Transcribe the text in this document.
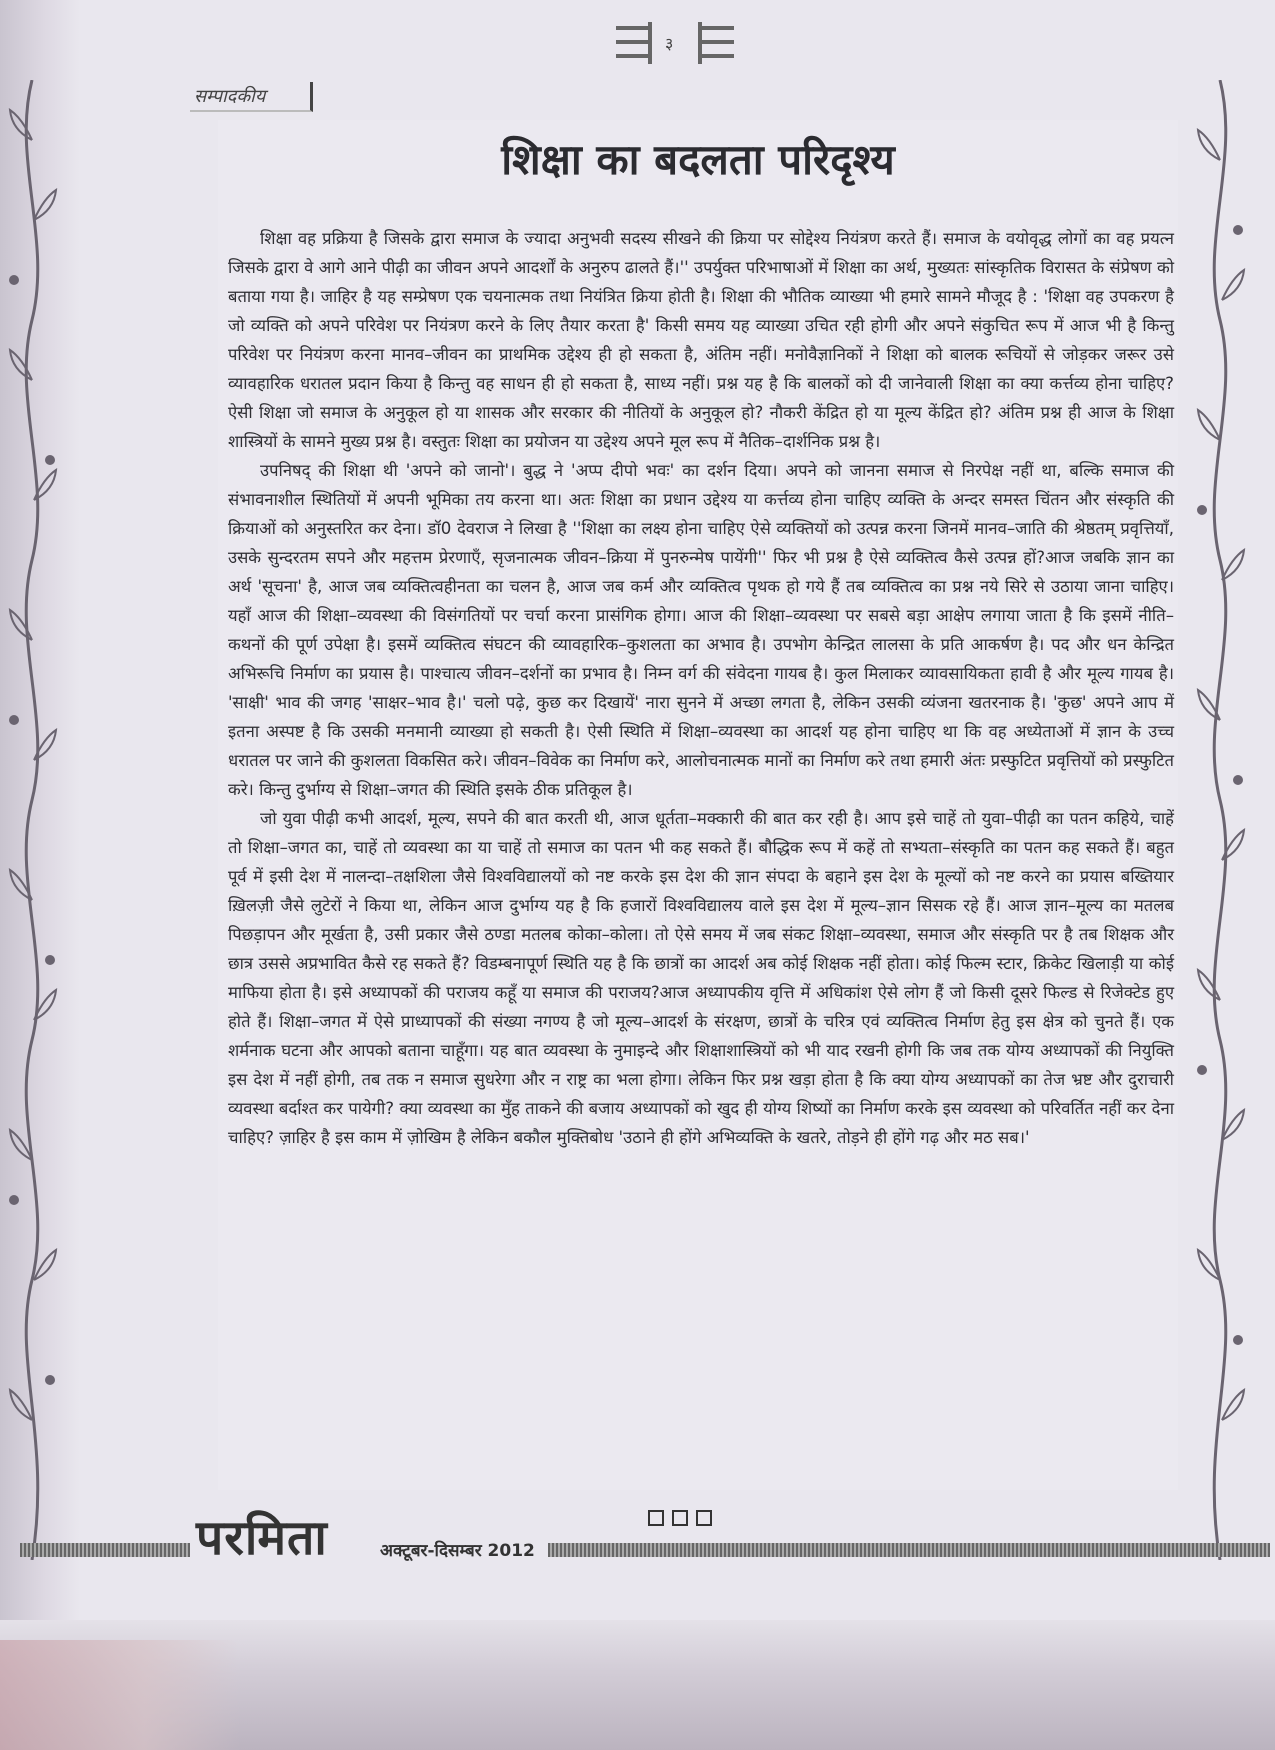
३
सम्पादकीय
शिक्षा का बदलता परिदृश्य

शिक्षा वह प्रक्रिया है जिसके द्वारा समाज के ज्यादा अनुभवी सदस्य सीखने की क्रिया पर सोद्देश्य नियंत्रण करते हैं। समाज के वयोवृद्ध लोगों का वह प्रयत्न जिसके द्वारा वे आगे आने पीढ़ी का जीवन अपने आदर्शों के अनुरुप ढालते हैं।'' उपर्युक्त परिभाषाओं में शिक्षा का अर्थ, मुख्यतः सांस्कृतिक विरासत के संप्रेषण को बताया गया है। जाहिर है यह सम्प्रेषण एक चयनात्मक तथा नियंत्रित क्रिया होती है। शिक्षा की भौतिक व्याख्या भी हमारे सामने मौजूद है : 'शिक्षा वह उपकरण है जो व्यक्ति को अपने परिवेश पर नियंत्रण करने के लिए तैयार करता है' किसी समय यह व्याख्या उचित रही होगी और अपने संकुचित रूप में आज भी है किन्तु परिवेश पर नियंत्रण करना मानव–जीवन का प्राथमिक उद्देश्य ही हो सकता है, अंतिम नहीं। मनोवैज्ञानिकों ने शिक्षा को बालक रूचियों से जोड़कर जरूर उसे व्यावहारिक धरातल प्रदान किया है किन्तु वह साधन ही हो सकता है, साध्य नहीं। प्रश्न यह है कि बालकों को दी जानेवाली शिक्षा का क्या कर्त्तव्य होना चाहिए? ऐसी शिक्षा जो समाज के अनुकूल हो या शासक और सरकार की नीतियों के अनुकूल हो? नौकरी केंद्रित हो या मूल्य केंद्रित हो? अंतिम प्रश्न ही आज के शिक्षा शास्त्रियों के सामने मुख्य प्रश्न है। वस्तुतः शिक्षा का प्रयोजन या उद्देश्य अपने मूल रूप में नैतिक–दार्शनिक प्रश्न है।

उपनिषद् की शिक्षा थी 'अपने को जानो'। बुद्ध ने 'अप्प दीपो भवः' का दर्शन दिया। अपने को जानना समाज से निरपेक्ष नहीं था, बल्कि समाज की संभावनाशील स्थितियों में अपनी भूमिका तय करना था। अतः शिक्षा का प्रधान उद्देश्य या कर्त्तव्य होना चाहिए व्यक्ति के अन्दर समस्त चिंतन और संस्कृति की क्रियाओं को अनुस्तरित कर देना। डॉ0 देवराज ने लिखा है ''शिक्षा का लक्ष्य होना चाहिए ऐसे व्यक्तियों को उत्पन्न करना जिनमें मानव–जाति की श्रेष्ठतम् प्रवृत्तियाँ, उसके सुन्दरतम सपने और महत्तम प्रेरणाएँ, सृजनात्मक जीवन–क्रिया में पुनरुन्मेष पायेंगी'' फिर भी प्रश्न है ऐसे व्यक्तित्व कैसे उत्पन्न हों?आज जबकि ज्ञान का अर्थ 'सूचना' है, आज जब व्यक्तित्वहीनता का चलन है, आज जब कर्म और व्यक्तित्व पृथक हो गये हैं तब व्यक्तित्व का प्रश्न नये सिरे से उठाया जाना चाहिए। यहाँ आज की शिक्षा–व्यवस्था की विसंगतियों पर चर्चा करना प्रासंगिक होगा। आज की शिक्षा–व्यवस्था पर सबसे बड़ा आक्षेप लगाया जाता है कि इसमें नीति–कथनों की पूर्ण उपेक्षा है। इसमें व्यक्तित्व संघटन की व्यावहारिक–कुशलता का अभाव है। उपभोग केन्द्रित लालसा के प्रति आकर्षण है। पद और धन केन्द्रित अभिरूचि निर्माण का प्रयास है। पाश्चात्य जीवन–दर्शनों का प्रभाव है। निम्न वर्ग की संवेदना गायब है। कुल मिलाकर व्यावसायिकता हावी है और मूल्य गायब है। 'साक्षी' भाव की जगह 'साक्षर–भाव है।' चलो पढ़े, कुछ कर दिखायें' नारा सुनने में अच्छा लगता है, लेकिन उसकी व्यंजना खतरनाक है। 'कुछ' अपने आप में इतना अस्पष्ट है कि उसकी मनमानी व्याख्या हो सकती है। ऐसी स्थिति में शिक्षा–व्यवस्था का आदर्श यह होना चाहिए था कि वह अध्येताओं में ज्ञान के उच्च धरातल पर जाने की कुशलता विकसित करे। जीवन–विवेक का निर्माण करे, आलोचनात्मक मानों का निर्माण करे तथा हमारी अंतः प्रस्फुटित प्रवृत्तियों को प्रस्फुटित करे। किन्तु दुर्भाग्य से शिक्षा–जगत की स्थिति इसके ठीक प्रतिकूल है।

जो युवा पीढ़ी कभी आदर्श, मूल्य, सपने की बात करती थी, आज धूर्तता–मक्कारी की बात कर रही है। आप इसे चाहें तो युवा–पीढ़ी का पतन कहिये, चाहें तो शिक्षा–जगत का, चाहें तो व्यवस्था का या चाहें तो समाज का पतन भी कह सकते हैं। बौद्धिक रूप में कहें तो सभ्यता–संस्कृति का पतन कह सकते हैं। बहुत पूर्व में इसी देश में नालन्दा–तक्षशिला जैसे विश्वविद्यालयों को नष्ट करके इस देश की ज्ञान संपदा के बहाने इस देश के मूल्यों को नष्ट करने का प्रयास बख्तियार ख़िलज़ी जैसे लुटेरों ने किया था, लेकिन आज दुर्भाग्य यह है कि हजारों विश्वविद्यालय वाले इस देश में मूल्य–ज्ञान सिसक रहे हैं। आज ज्ञान–मूल्य का मतलब पिछड़ापन और मूर्खता है, उसी प्रकार जैसे ठण्डा मतलब कोका–कोला। तो ऐसे समय में जब संकट शिक्षा–व्यवस्था, समाज और संस्कृति पर है तब शिक्षक और छात्र उससे अप्रभावित कैसे रह सकते हैं? विडम्बनापूर्ण स्थिति यह है कि छात्रों का आदर्श अब कोई शिक्षक नहीं होता। कोई फिल्म स्टार, क्रिकेट खिलाड़ी या कोई माफिया होता है। इसे अध्यापकों की पराजय कहूँ या समाज की पराजय?आज अध्यापकीय वृत्ति में अधिकांश ऐसे लोग हैं जो किसी दूसरे फिल्ड से रिजेक्टेड हुए होते हैं। शिक्षा–जगत में ऐसे प्राध्यापकों की संख्या नगण्य है जो मूल्य–आदर्श के संरक्षण, छात्रों के चरित्र एवं व्यक्तित्व निर्माण हेतु इस क्षेत्र को चुनते हैं। एक शर्मनाक घटना और आपको बताना चाहूँगा। यह बात व्यवस्था के नुमाइन्दे और शिक्षाशास्त्रियों को भी याद रखनी होगी कि जब तक योग्य अध्यापकों की नियुक्ति इस देश में नहीं होगी, तब तक न समाज सुधरेगा और न राष्ट्र का भला होगा। लेकिन फिर प्रश्न खड़ा होता है कि क्या योग्य अध्यापकों का तेज भ्रष्ट और दुराचारी व्यवस्था बर्दाश्त कर पायेगी? क्या व्यवस्था का मुँह ताकने की बजाय अध्यापकों को खुद ही योग्य शिष्यों का निर्माण करके इस व्यवस्था को परिवर्तित नहीं कर देना चाहिए? ज़ाहिर है इस काम में ज़ोखिम है लेकिन बकौल मुक्तिबोध 'उठाने ही होंगे अभिव्यक्ति के खतरे, तोड़ने ही होंगे गढ़ और मठ सब।'

परमिता	अक्टूबर-दिसम्बर 2012
